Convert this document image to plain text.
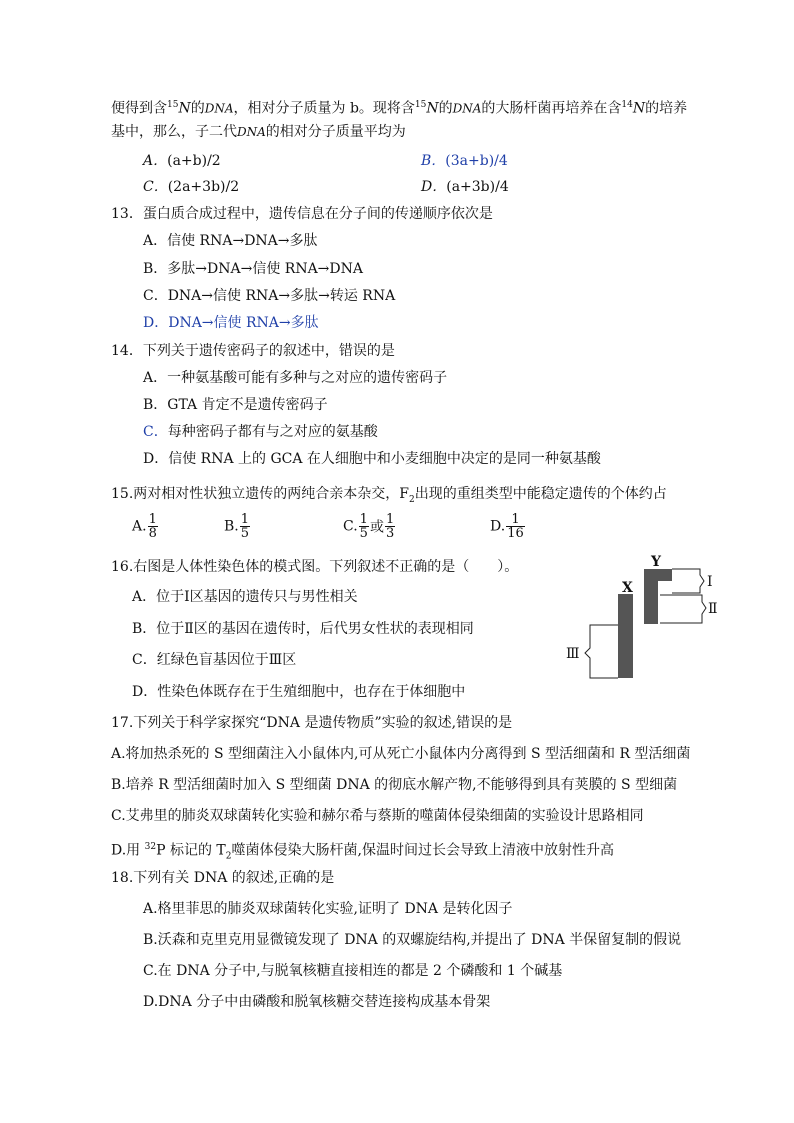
便得到含$^{15}$N的DNA，相对分子质量为 b。现将含$^{15}$N的DNA的大肠杆菌再培养在含$^{14}$N的培养
基中，那么，子二代DNA的相对分子质量平均为
A．(a+b)/2	B．(3a+b)/4
C．(2a+3b)/2	D．(a+3b)/4
13．蛋白质合成过程中，遗传信息在分子间的传递顺序依次是
A．信使 RNA→DNA→多肽
B．多肽→DNA→信使 RNA→DNA
C．DNA→信使 RNA→多肽→转运 RNA
D．DNA→信使 RNA→多肽
14．下列关于遗传密码子的叙述中，错误的是
A．一种氨基酸可能有多种与之对应的遗传密码子
B．GTA 肯定不是遗传密码子
C．每种密码子都有与之对应的氨基酸
D．信使 RNA 上的 GCA 在人细胞中和小麦细胞中决定的是同一种氨基酸
15.两对相对性状独立遗传的两纯合亲本杂交，$F_2$出现的重组类型中能稳定遗传的个体约占
A. $\frac{1}{8}$	B. $\frac{1}{5}$	C. $\frac{1}{5}$ 或 $\frac{1}{3}$	D. $\frac{1}{16}$
16.右图是人体性染色体的模式图。下列叙述不正确的是（　　）。
A．位于Ⅰ区基因的遗传只与男性相关
B．位于Ⅱ区的基因在遗传时，后代男女性状的表现相同
C．红绿色盲基因位于Ⅲ区
D．性染色体既存在于生殖细胞中，也存在于体细胞中
X
Y
Ⅰ
Ⅱ
Ⅲ
17.下列关于科学家探究“DNA 是遗传物质”实验的叙述,错误的是
A.将加热杀死的 S 型细菌注入小鼠体内,可从死亡小鼠体内分离得到 S 型活细菌和 R 型活细菌
B.培养 R 型活细菌时加入 S 型细菌 DNA 的彻底水解产物,不能够得到具有荚膜的 S 型细菌
C.艾弗里的肺炎双球菌转化实验和赫尔希与蔡斯的噬菌体侵染细菌的实验设计思路相同
D.用 $^{32}$P 标记的 $T_2$噬菌体侵染大肠杆菌,保温时间过长会导致上清液中放射性升高
18.下列有关 DNA 的叙述,正确的是
A.格里菲思的肺炎双球菌转化实验,证明了 DNA 是转化因子
B.沃森和克里克用显微镜发现了 DNA 的双螺旋结构,并提出了 DNA 半保留复制的假说
C.在 DNA 分子中,与脱氧核糖直接相连的都是 2 个磷酸和 1 个碱基
D.DNA 分子中由磷酸和脱氧核糖交替连接构成基本骨架
